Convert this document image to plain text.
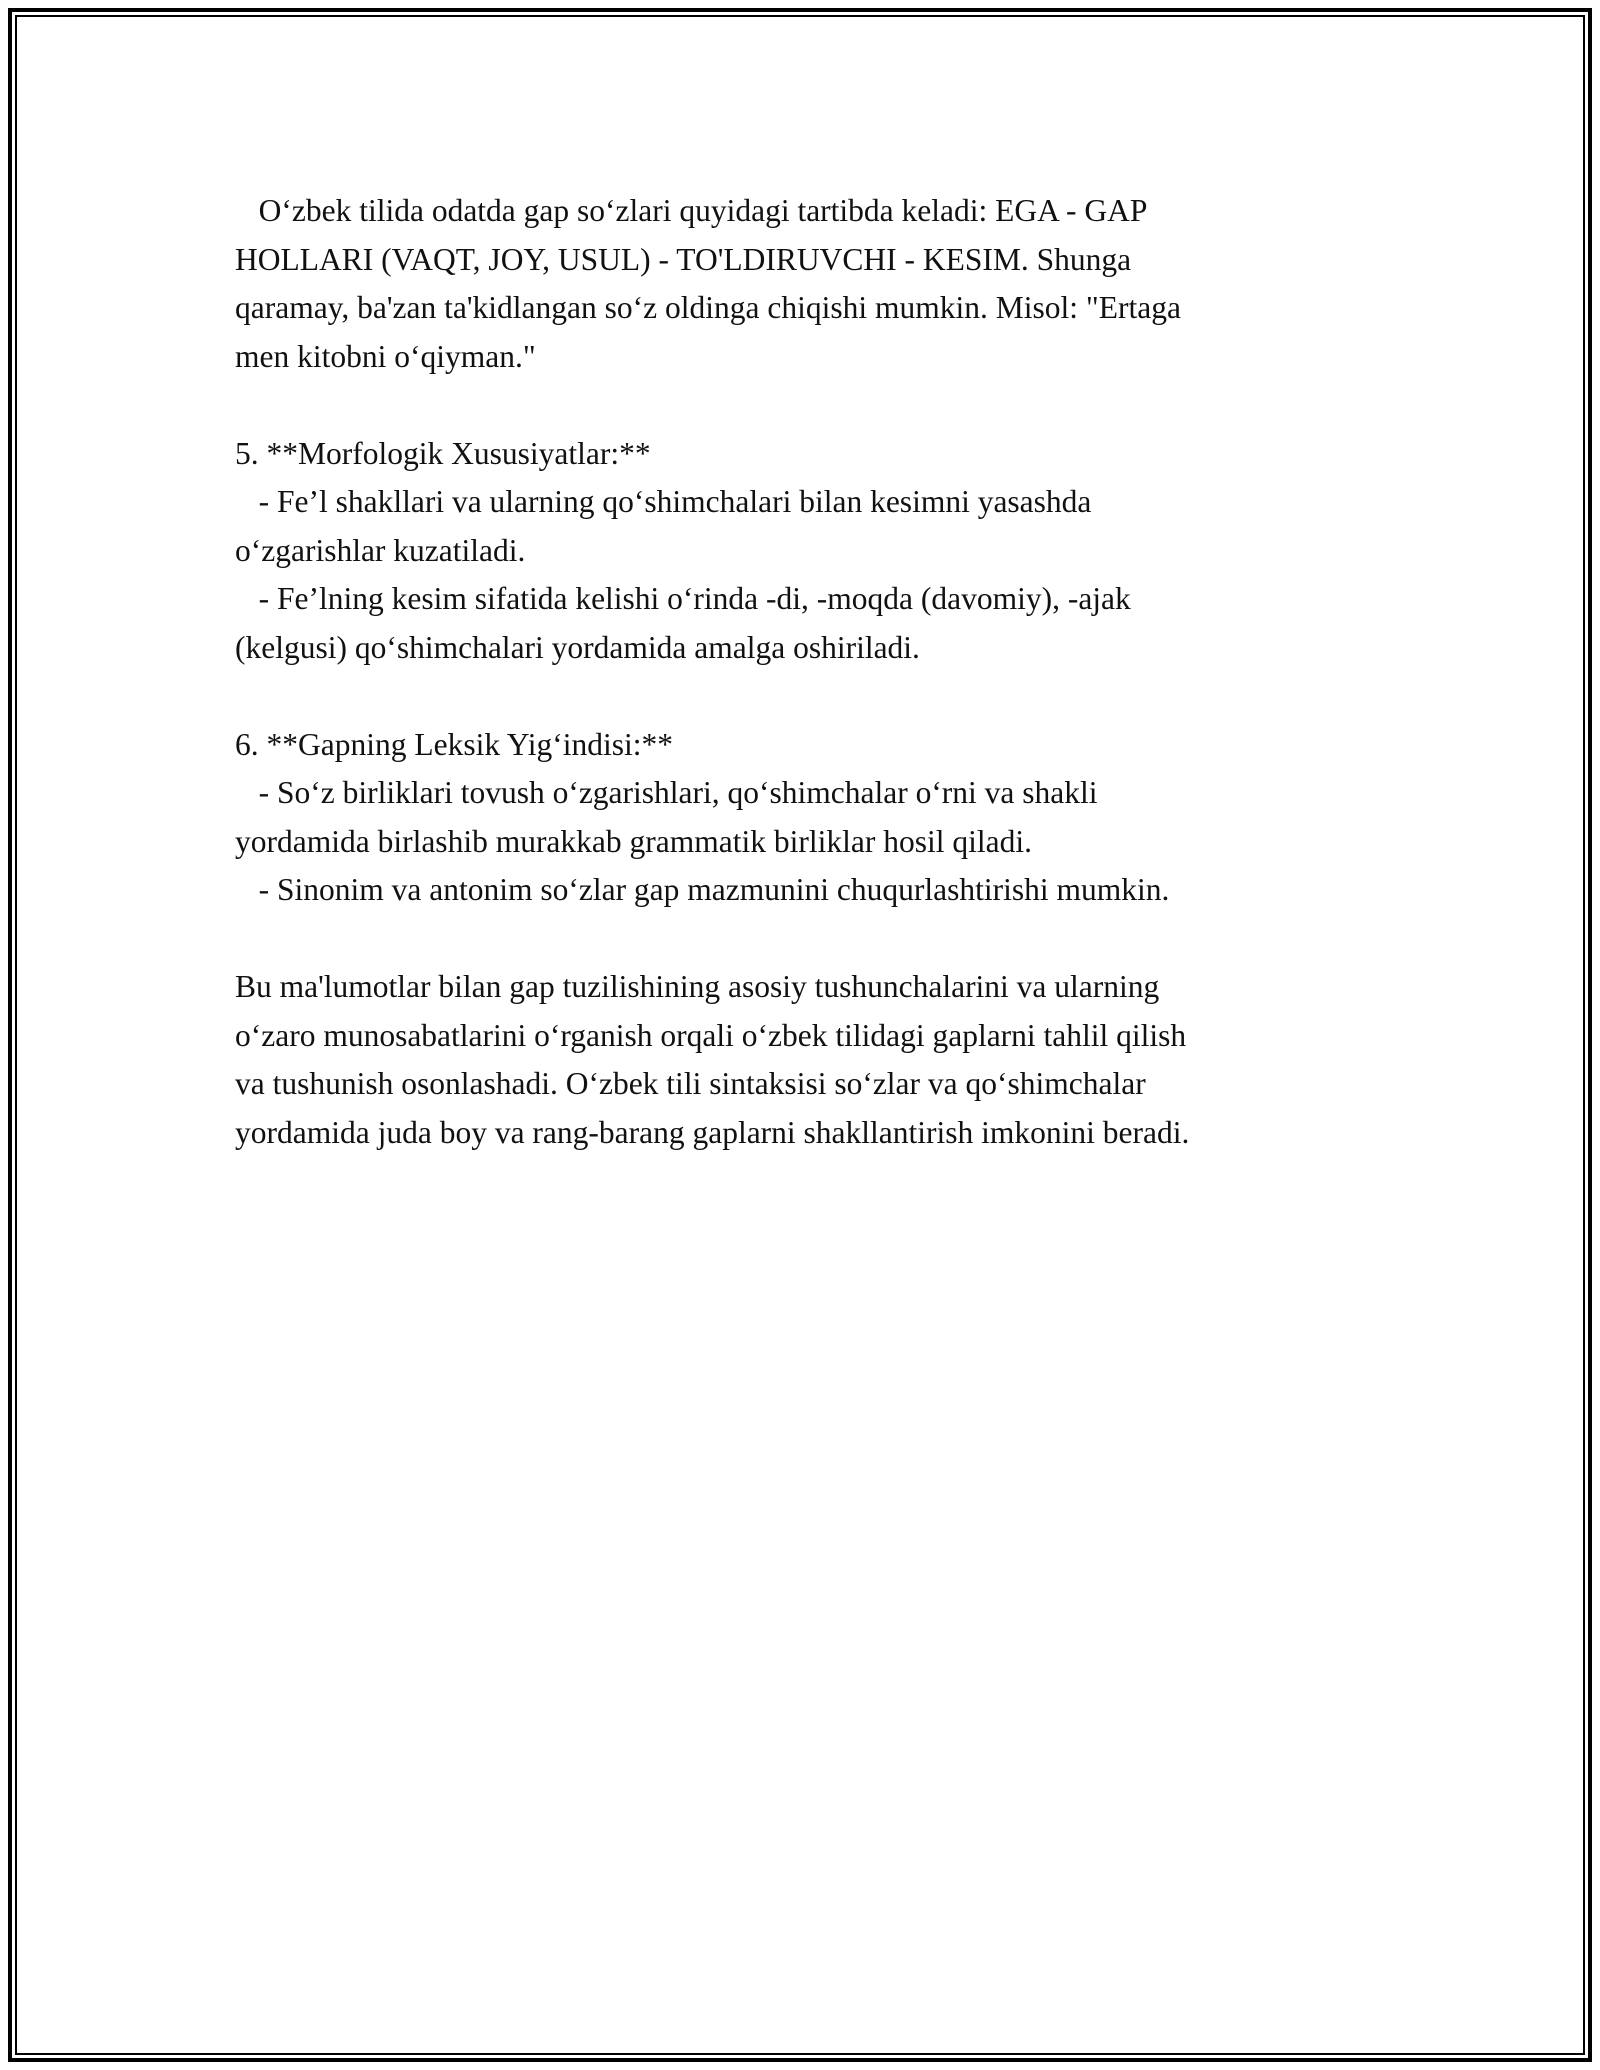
Oʻzbek tilida odatda gap soʻzlari quyidagi tartibda keladi: EGA - GAP
HOLLARI (VAQT, JOY, USUL) - TO'LDIRUVCHI - KESIM. Shunga
qaramay, ba'zan ta'kidlangan soʻz oldinga chiqishi mumkin. Misol: "Ertaga
men kitobni oʻqiyman."
5. **Morfologik Xususiyatlar:**
- Fe’l shakllari va ularning qoʻshimchalari bilan kesimni yasashda
oʻzgarishlar kuzatiladi.
- Fe’lning kesim sifatida kelishi oʻrinda -di, -moqda (davomiy), -ajak
(kelgusi) qoʻshimchalari yordamida amalga oshiriladi.
6. **Gapning Leksik Yigʻindisi:**
- Soʻz birliklari tovush oʻzgarishlari, qoʻshimchalar oʻrni va shakli
yordamida birlashib murakkab grammatik birliklar hosil qiladi.
- Sinonim va antonim soʻzlar gap mazmunini chuqurlashtirishi mumkin.
Bu ma'lumotlar bilan gap tuzilishining asosiy tushunchalarini va ularning
oʻzaro munosabatlarini oʻrganish orqali oʻzbek tilidagi gaplarni tahlil qilish
va tushunish osonlashadi. Oʻzbek tili sintaksisi soʻzlar va qoʻshimchalar
yordamida juda boy va rang-barang gaplarni shakllantirish imkonini beradi.
